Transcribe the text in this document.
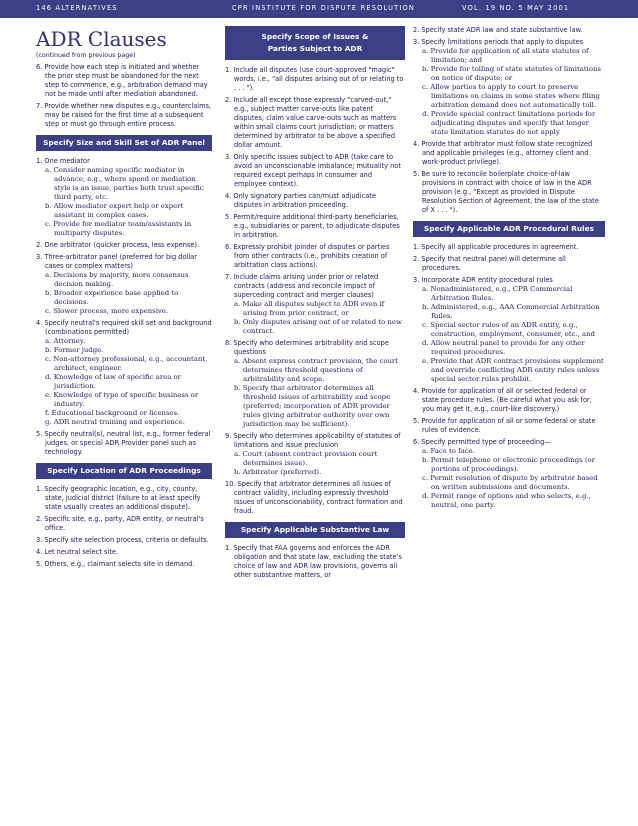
146 ALTERNATIVES	CPR INSTITUTE FOR DISPUTE RESOLUTION	VOL. 19 NO. 5 MAY 2001
ADR Clauses
(continued from previous page)
6. Provide how each step is initiated and whether the prior step must be abandoned for the next step to commence, e.g., arbitration demand may not be made until after mediation abandoned.
7. Provide whether new disputes e.g., counterclaims, may be raised for the first time at a subsequent step or must go through entire process.
Specify Size and Skill Set of ADR Panel
1. One mediator
a. Consider naming specific mediator in advance, e.g., where speed or mediation style is an issue, parties both trust specific third party, etc.
b. Allow mediator expert help or expert assistant in complex cases.
c. Provide for mediator team/assistants in multiparty disputes.
2. One arbitrator (quicker process, less expense).
3. Three-arbitrator panel (preferred for big dollar cases or complex matters)
a. Decisions by majority, more consensus decision making.
b. Broader experience base applied to decisions.
c. Slower process, more expensive.
4. Specify neutral's required skill set and background (combinations permitted)
a. Attorney.
b. Former judge.
c. Non-attorney professional, e.g., accountant, architect, engineer.
d. Knowledge of law of specific area or jurisdiction.
e. Knowledge of type of specific business or industry.
f. Educational background or licenses.
g. ADR neutral training and experience.
5. Specify neutral(s), neutral list, e.g., former federal judges, or special ADR Provider panel such as technology.
Specify Location of ADR Proceedings
1. Specify geographic location, e.g., city, county, state, judicial district (failure to at least specify state usually creates an additional dispute).
2. Specific site, e.g., party, ADR entity, or neutral's office.
3. Specify site selection process, criteria or defaults.
4. Let neutral select site.
5. Others, e.g., claimant selects site in demand.
Specify Scope of Issues &
Parties Subject to ADR
1. Include all disputes (use court-approved "magic" words, i.e., "all disputes arising out of or relating to . . . ").
2. Include all except those expressly "carved-out," e.g., subject matter carve-outs like patent disputes; claim value carve-outs such as matters within small claims court jurisdiction; or matters determined by arbitrator to be above a specified dollar amount.
3. Only specific issues subject to ADR (take care to avoid an unconscionable imbalance; mutuality not required except perhaps in consumer and employee context).
4. Only signatory parties can/must adjudicate disputes in arbitration proceeding.
5. Permit/require additional third-party beneficiaries, e.g., subsidiaries or parent, to adjudicate disputes in arbitration.
6. Expressly prohibit joinder of disputes or parties from other contracts (i.e., prohibits creation of arbitration class actions).
7. Include claims arising under prior or related contracts (address and reconcile impact of superceding contract and merger clauses)
a. Make all disputes subject to ADR even if arising from prior contract, or
b. Only disputes arising out of or related to new contract.
8. Specify who determines arbitrability and scope questions
a. Absent express contract provision, the court determines threshold questions of arbitrability and scope.
b. Specify that arbitrator determines all threshold issues of arbitrability and scope (preferred; incorporation of ADR provider rules giving arbitrator authority over own jurisdiction may be sufficient).
9. Specify who determines applicability of statutes of limitations and issue preclusion
a. Court (absent contract provision court determines issue).
b. Arbitrator (preferred).
10. Specify that arbitrator determines all issues of contract validity, including expressly threshold issues of unconscionability, contract formation and fraud.
Specify Applicable Substantive Law
1. Specify that FAA governs and enforces the ADR obligation and that state law, excluding the state's choice of law and ADR law provisions, governs all other substantive matters, or
2. Specify state ADR law and state substantive law.
3. Specify limitations periods that apply to disputes
a. Provide for application of all state statutes of limitation; and
b. Provide for tolling of state statutes of limitations on notice of dispute; or
c. Allow parties to apply to court to preserve limitations on claims in some states where filing arbitration demand does not automatically toll.
d. Provide special contract limitations periods for adjudicating disputes and specify that longer state limitation statutes do not apply
4. Provide that arbitrator must follow state recognized and applicable privileges (e.g., attorney client and work-product privilege).
5. Be sure to reconcile boilerplate choice-of-law provisions in contract with choice of law in the ADR provision (e.g., "Except as provided in Dispute Resolution Section of Agreement, the law of the state of X . . . ").
Specify Applicable ADR Procedural Rules
1. Specify all applicable procedures in agreement.
2. Specify that neutral panel will determine all procedures.
3. Incorporate ADR entity procedural rules
a. Nonadministered, e.g., CPR Commercial Arbitration Rules.
b. Administered, e.g., AAA Commercial Arbitration Rules.
c. Special sector rules of an ADR entity, e.g., construction, employment, consumer, etc., and
d. Allow neutral panel to provide for any other required procedures.
e. Provide that ADR contract provisions supplement and override conflicting ADR entity rules unless special sector rules prohibit.
4. Provide for application of all or selected federal or state procedure rules. (Be careful what you ask for, you may get it, e.g., court-like discovery.)
5. Provide for application of all or some federal or state rules of evidence.
6. Specify permitted type of proceeding—
a. Face to face.
b. Permit telephone or electronic proceedings (or portions of proceedings).
c. Permit resolution of dispute by arbitrator based on written submissions and documents.
d. Permit range of options and who selects, e.g., neutral, one party.
